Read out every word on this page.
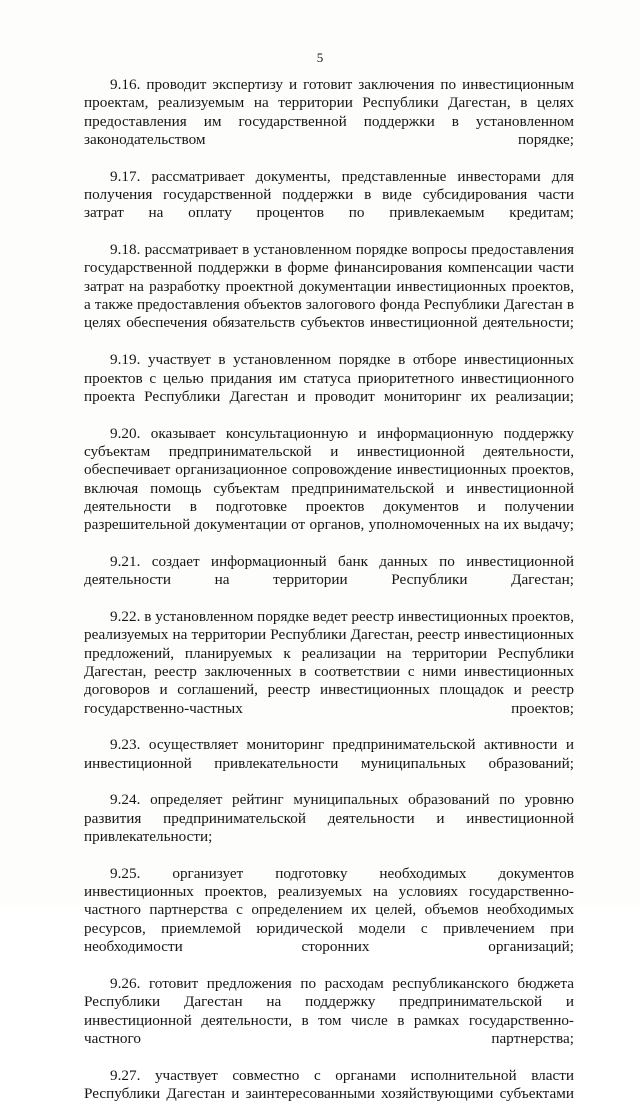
5

9.16. проводит экспертизу и готовит заключения по инвестиционным проектам, реализуемым на территории Республики Дагестан, в целях предоставления им государственной поддержки в установленном законодательством порядке;

9.17. рассматривает документы, представленные инвесторами для получения государственной поддержки в виде субсидирования части затрат на оплату процентов по привлекаемым кредитам;

9.18. рассматривает в установленном порядке вопросы предоставления государственной поддержки в форме финансирования компенсации части затрат на разработку проектной документации инвестиционных проектов, а также предоставления объектов залогового фонда Республики Дагестан в целях обеспечения обязательств субъектов инвестиционной деятельности;

9.19. участвует в установленном порядке в отборе инвестиционных проектов с целью придания им статуса приоритетного инвестиционного проекта Республики Дагестан и проводит мониторинг их реализации;

9.20. оказывает консультационную и информационную поддержку субъектам предпринимательской и инвестиционной деятельности, обеспечивает организационное сопровождение инвестиционных проектов, включая помощь субъектам предпринимательской и инвестиционной деятельности в подготовке проектов документов и получении разрешительной документации от органов, уполномоченных на их выдачу;

9.21. создает информационный банк данных по инвестиционной деятельности на территории Республики Дагестан;

9.22. в установленном порядке ведет реестр инвестиционных проектов, реализуемых на территории Республики Дагестан, реестр инвестиционных предложений, планируемых к реализации на территории Республики Дагестан, реестр заключенных в соответствии с ними инвестиционных договоров и соглашений, реестр инвестиционных площадок и реестр государственно-частных проектов;

9.23. осуществляет мониторинг предпринимательской активности и инвестиционной привлекательности муниципальных образований;

9.24. определяет рейтинг муниципальных образований по уровню развития предпринимательской деятельности и инвестиционной привлекательности;

9.25. организует подготовку необходимых документов инвестиционных проектов, реализуемых на условиях государственно-частного партнерства с определением их целей, объемов необходимых ресурсов, приемлемой юридической модели с привлечением при необходимости сторонних организаций;

9.26. готовит предложения по расходам республиканского бюджета Республики Дагестан на поддержку предпринимательской и инвестиционной деятельности, в том числе в рамках государственно-частного партнерства;

9.27. участвует совместно с органами исполнительной власти Республики Дагестан и заинтересованными хозяйствующими субъектами
